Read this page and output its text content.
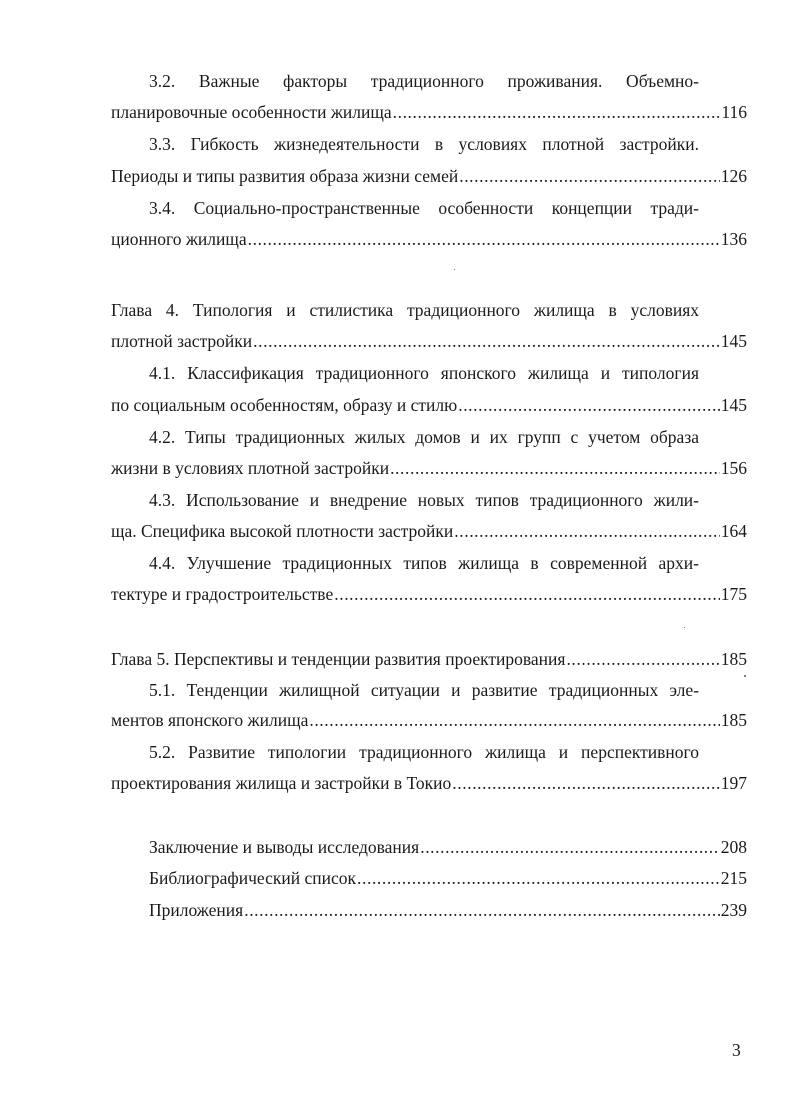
3.2. Важные факторы традиционного проживания. Объемно-
планировочные особенности жилища .....	116
3.3. Гибкость жизнедеятельности в условиях плотной застройки.
Периоды и типы развития образа жизни семей .....	126
3.4. Социально-пространственные особенности концепции тради-
ционного жилища .....	136
Глава 4. Типология и стилистика традиционного жилища в условиях
плотной застройки .....	145
4.1. Классификация традиционного японского жилища и типология
по социальным особенностям, образу и стилю .....	145
4.2. Типы традиционных жилых домов и их групп с учетом образа
жизни в условиях плотной застройки .....	156
4.3. Использование и внедрение новых типов традиционного жили-
ща. Специфика высокой плотности застройки .....	164
4.4. Улучшение традиционных типов жилища в современной архи-
тектуре и градостроительстве .....	175
Глава 5. Перспективы и тенденции развития проектирования .....	185
5.1. Тенденции жилищной ситуации и развитие традиционных эле-
ментов японского жилища .....	185
5.2. Развитие типологии традиционного жилища и перспективного
проектирования жилища и застройки в Токио .....	197
Заключение и выводы исследования .....	208
Библиографический список .....	215
Приложения .....	239
3
